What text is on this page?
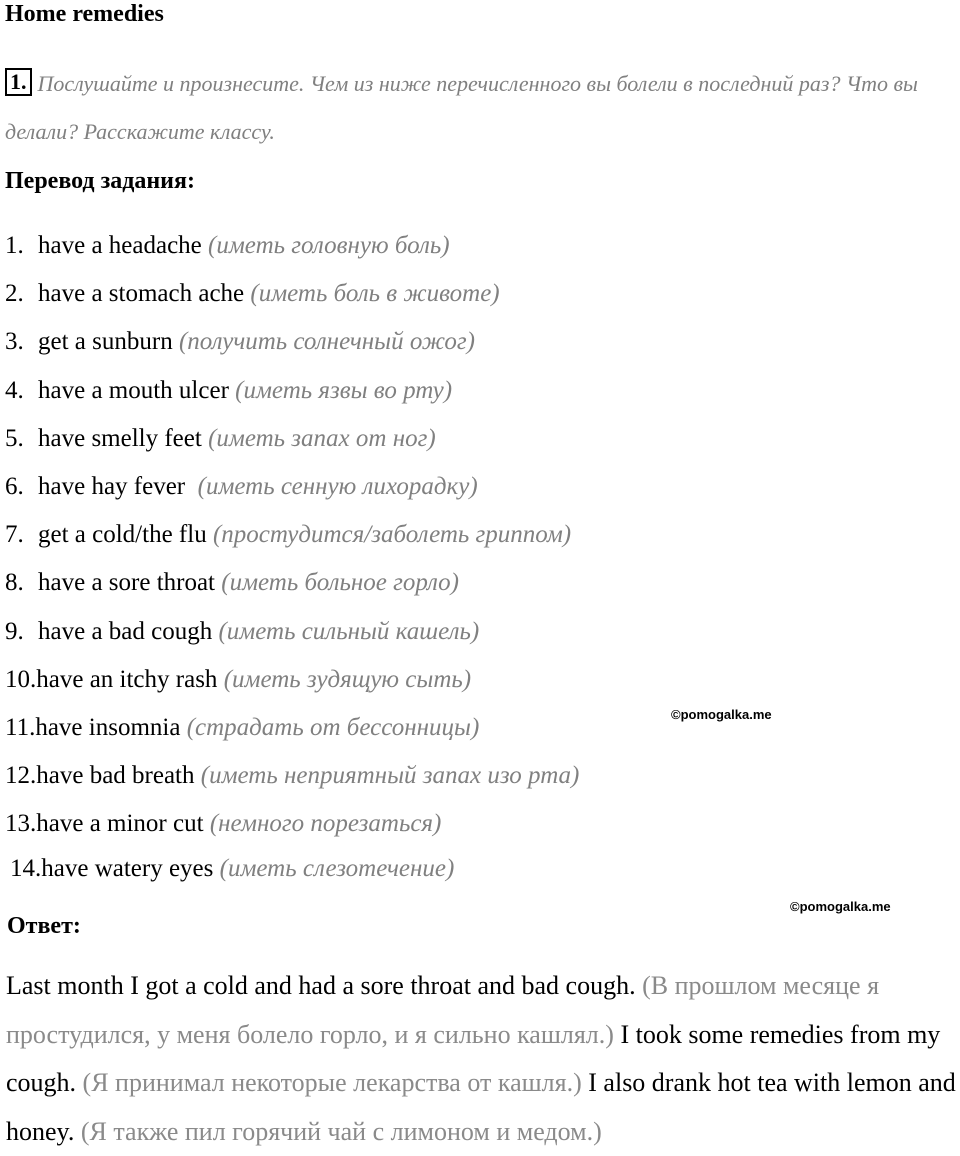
Home remedies
1. Послушайте и произнесите. Чем из ниже перечисленного вы болели в последний раз? Что вы делали? Расскажите классу.
Перевод задания:
1. have a headache (иметь головную боль)
2. have a stomach ache (иметь боль в животе)
3. get a sunburn (получить солнечный ожог)
4. have a mouth ulcer (иметь язвы во рту)
5. have smelly feet (иметь запах от ног)
6. have hay fever  (иметь сенную лихорадку)
7. get a cold/the flu (простудится/заболеть гриппом)
8. have a sore throat (иметь больное горло)
9. have a bad cough (иметь сильный кашель)
10.have an itchy rash (иметь зудящую сыть)
11.have insomnia (страдать от бессонницы)
12.have bad breath (иметь неприятный запах изо рта)
13.have a minor cut (немного порезаться)
14.have watery eyes (иметь слезотечение)
©pomogalka.me
©pomogalka.me
Ответ:

Last month I got a cold and had a sore throat and bad cough. (В прошлом месяце я простудился, у меня болело горло, и я сильно кашлял.) I took some remedies from my cough. (Я принимал некоторые лекарства от кашля.) I also drank hot tea with lemon and honey. (Я также пил горячий чай с лимоном и медом.)
